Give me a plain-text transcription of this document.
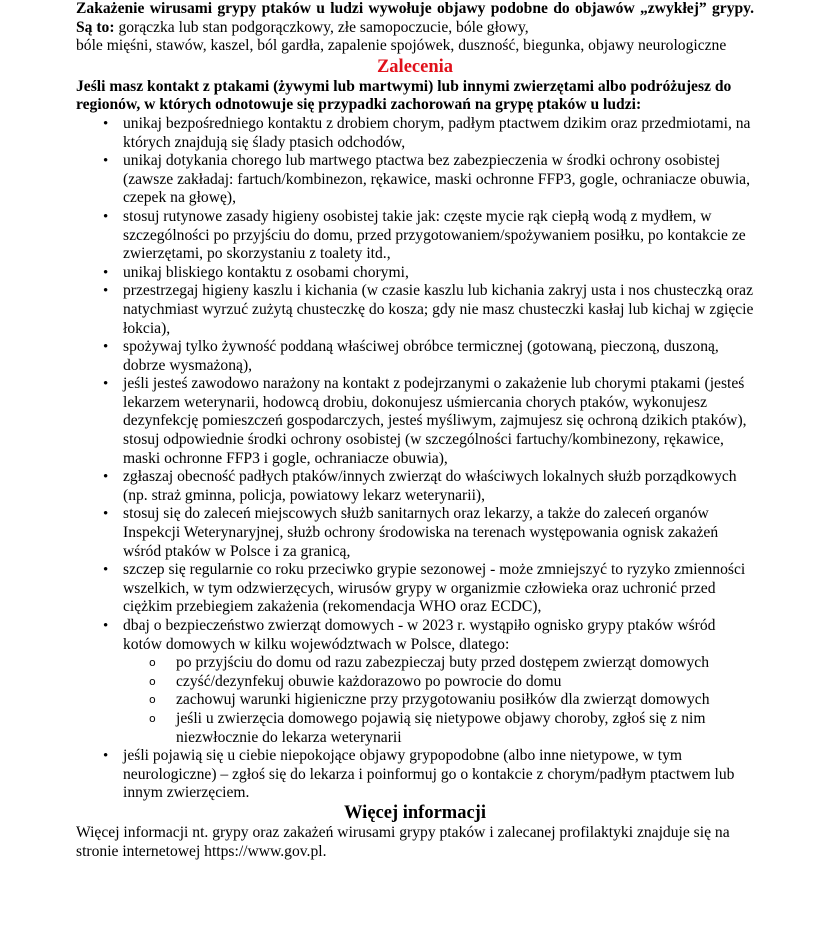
Zakażenie wirusami grypy ptaków u ludzi wywołuje objawy podobne do objawów „zwykłej” grypy. Są to: gorączka lub stan podgorączkowy, złe samopoczucie, bóle głowy,

bóle mięśni, stawów, kaszel, ból gardła, zapalenie spojówek, duszność, biegunka, objawy neurologiczne

Zalecenia

Jeśli masz kontakt z ptakami (żywymi lub martwymi) lub innymi zwierzętami albo podróżujesz do regionów, w których odnotowuje się przypadki zachorowań na grypę ptaków u ludzi:

• unikaj bezpośredniego kontaktu z drobiem chorym, padłym ptactwem dzikim oraz przedmiotami, na których znajdują się ślady ptasich odchodów,
• unikaj dotykania chorego lub martwego ptactwa bez zabezpieczenia w środki ochrony osobistej (zawsze zakładaj: fartuch/kombinezon, rękawice, maski ochronne FFP3, gogle, ochraniacze obuwia, czepek na głowę),
• stosuj rutynowe zasady higieny osobistej takie jak: częste mycie rąk ciepłą wodą z mydłem, w szczególności po przyjściu do domu, przed przygotowaniem/spożywaniem posiłku, po kontakcie ze zwierzętami, po skorzystaniu z toalety itd.,
• unikaj bliskiego kontaktu z osobami chorymi,
• przestrzegaj higieny kaszlu i kichania (w czasie kaszlu lub kichania zakryj usta i nos chusteczką oraz natychmiast wyrzuć zużytą chusteczkę do kosza; gdy nie masz chusteczki kasłaj lub kichaj w zgięcie łokcia),
• spożywaj tylko żywność poddaną właściwej obróbce termicznej (gotowaną, pieczoną, duszoną, dobrze wysmażoną),
• jeśli jesteś zawodowo narażony na kontakt z podejrzanymi o zakażenie lub chorymi ptakami (jesteś lekarzem weterynarii, hodowcą drobiu, dokonujesz uśmiercania chorych ptaków, wykonujesz dezynfekcję pomieszczeń gospodarczych, jesteś myśliwym, zajmujesz się ochroną dzikich ptaków), stosuj odpowiednie środki ochrony osobistej (w szczególności fartuchy/kombinezony, rękawice, maski ochronne FFP3 i gogle, ochraniacze obuwia),
• zgłaszaj obecność padłych ptaków/innych zwierząt do właściwych lokalnych służb porządkowych (np. straż gminna, policja, powiatowy lekarz weterynarii),
• stosuj się do zaleceń miejscowych służb sanitarnych oraz lekarzy, a także do zaleceń organów Inspekcji Weterynaryjnej, służb ochrony środowiska na terenach występowania ognisk zakażeń wśród ptaków w Polsce i za granicą,
• szczep się regularnie co roku przeciwko grypie sezonowej - może zmniejszyć to ryzyko zmienności wszelkich, w tym odzwierzęcych, wirusów grypy w organizmie człowieka oraz uchronić przed ciężkim przebiegiem zakażenia (rekomendacja WHO oraz ECDC),
• dbaj o bezpieczeństwo zwierząt domowych - w 2023 r. wystąpiło ognisko grypy ptaków wśród kotów domowych w kilku województwach w Polsce, dlatego:
o po przyjściu do domu od razu zabezpieczaj buty przed dostępem zwierząt domowych
o czyść/dezynfekuj obuwie każdorazowo po powrocie do domu
o zachowuj warunki higieniczne przy przygotowaniu posiłków dla zwierząt domowych
o jeśli u zwierzęcia domowego pojawią się nietypowe objawy choroby, zgłoś się z nim niezwłocznie do lekarza weterynarii
• jeśli pojawią się u ciebie niepokojące objawy grypopodobne (albo inne nietypowe, w tym neurologiczne) – zgłoś się do lekarza i poinformuj go o kontakcie z chorym/padłym ptactwem lub innym zwierzęciem.
Więcej informacji

Więcej informacji nt. grypy oraz zakażeń wirusami grypy ptaków i zalecanej profilaktyki znajduje się na stronie internetowej https://www.gov.pl.
